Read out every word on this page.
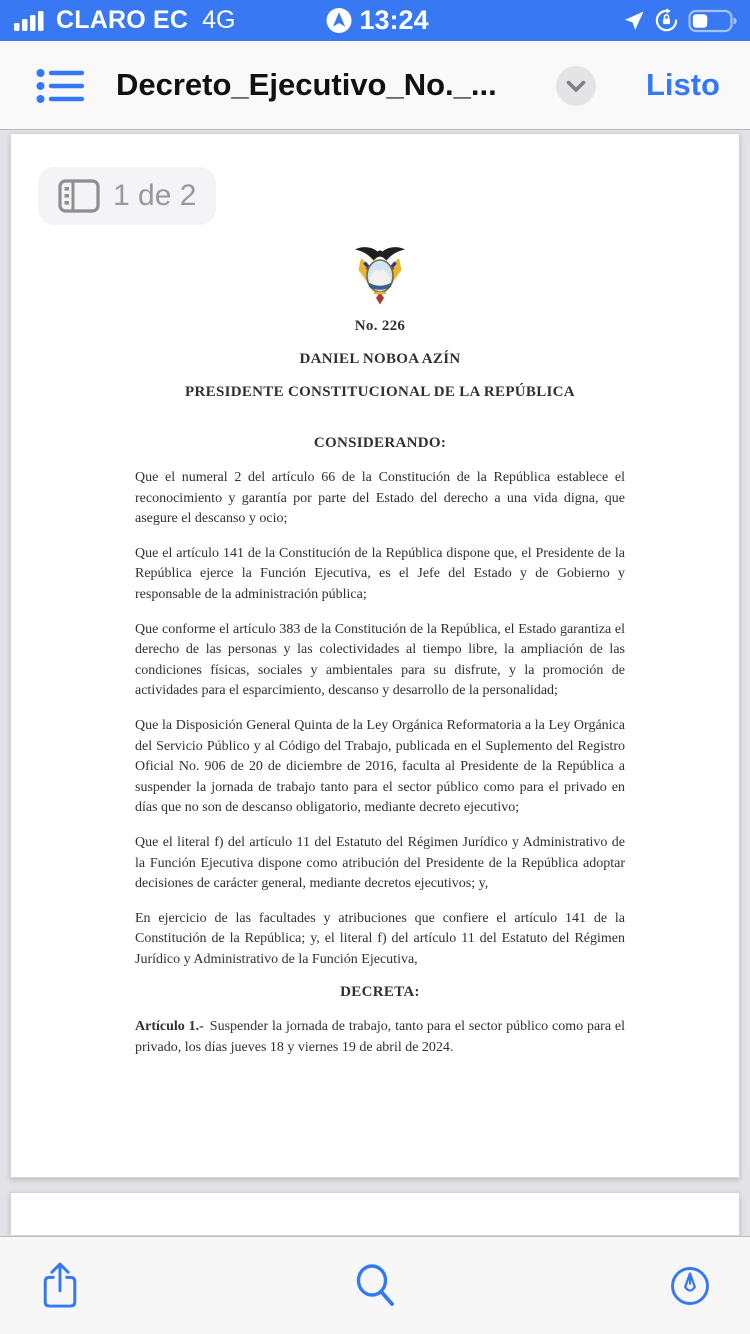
CLARO EC 4G	13:24
Decreto_Ejecutivo_No._...	Listo
1 de 2
No. 226
DANIEL NOBOA AZÍN
PRESIDENTE CONSTITUCIONAL DE LA REPÚBLICA
CONSIDERANDO:

Que el numeral 2 del artículo 66 de la Constitución de la República establece el reconocimiento y garantía por parte del Estado del derecho a una vida digna, que asegure el descanso y ocio;

Que el artículo 141 de la Constitución de la República dispone que, el Presidente de la República ejerce la Función Ejecutiva, es el Jefe del Estado y de Gobierno y responsable de la administración pública;

Que conforme el artículo 383 de la Constitución de la República, el Estado garantiza el derecho de las personas y las colectividades al tiempo libre, la ampliación de las condiciones físicas, sociales y ambientales para su disfrute, y la promoción de actividades para el esparcimiento, descanso y desarrollo de la personalidad;

Que la Disposición General Quinta de la Ley Orgánica Reformatoria a la Ley Orgánica del Servicio Público y al Código del Trabajo, publicada en el Suplemento del Registro Oficial No. 906 de 20 de diciembre de 2016, faculta al Presidente de la República a suspender la jornada de trabajo tanto para el sector público como para el privado en días que no son de descanso obligatorio, mediante decreto ejecutivo;

Que el literal f) del artículo 11 del Estatuto del Régimen Jurídico y Administrativo de la Función Ejecutiva dispone como atribución del Presidente de la República adoptar decisiones de carácter general, mediante decretos ejecutivos; y,

En ejercicio de las facultades y atribuciones que confiere el artículo 141 de la Constitución de la República; y, el literal f) del artículo 11 del Estatuto del Régimen Jurídico y Administrativo de la Función Ejecutiva,

DECRETA:

Artículo 1.- Suspender la jornada de trabajo, tanto para el sector público como para el privado, los días jueves 18 y viernes 19 de abril de 2024.
